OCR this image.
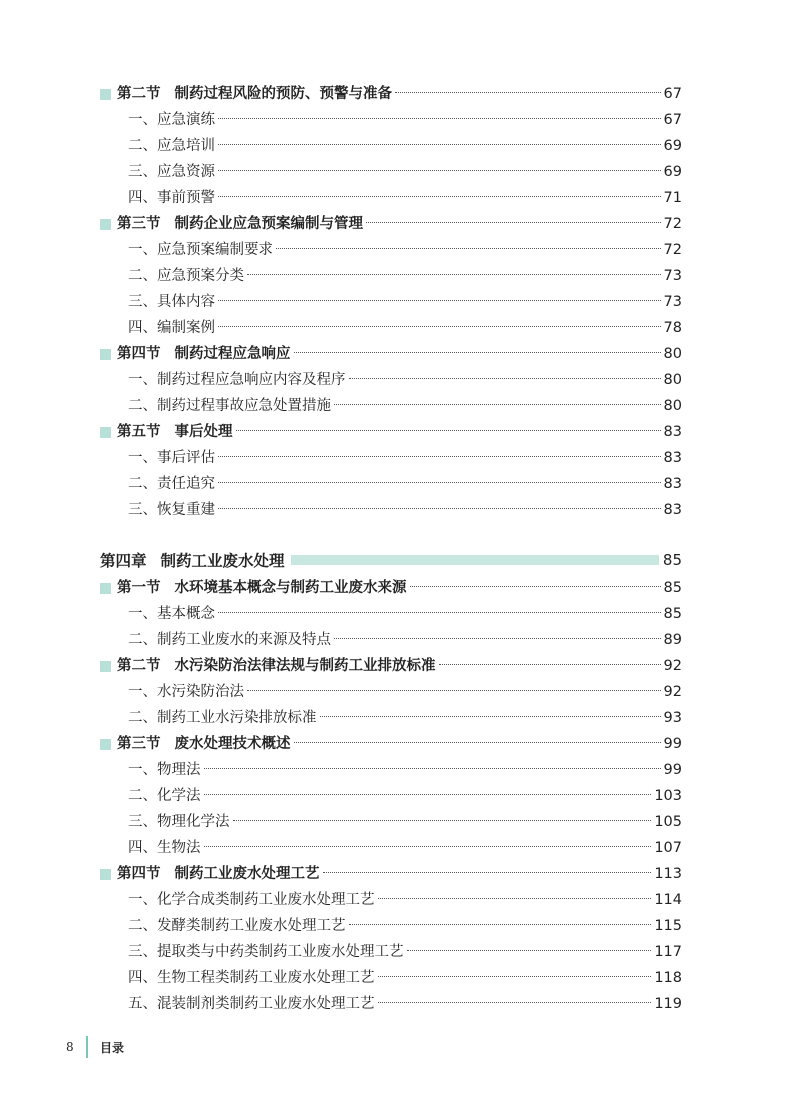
第二节 制药过程风险的预防、预警与准备	67
一、应急演练	67
二、应急培训	69
三、应急资源	69
四、事前预警	71
第三节 制药企业应急预案编制与管理	72
一、应急预案编制要求	72
二、应急预案分类	73
三、具体内容	73
四、编制案例	78
第四节 制药过程应急响应	80
一、制药过程应急响应内容及程序	80
二、制药过程事故应急处置措施	80
第五节 事后处理	83
一、事后评估	83
二、责任追究	83
三、恢复重建	83
第四章 制药工业废水处理	85
第一节 水环境基本概念与制药工业废水来源	85
一、基本概念	85
二、制药工业废水的来源及特点	89
第二节 水污染防治法律法规与制药工业排放标准	92
一、水污染防治法	92
二、制药工业水污染排放标准	93
第三节 废水处理技术概述	99
一、物理法	99
二、化学法	103
三、物理化学法	105
四、生物法	107
第四节 制药工业废水处理工艺	113
一、化学合成类制药工业废水处理工艺	114
二、发酵类制药工业废水处理工艺	115
三、提取类与中药类制药工业废水处理工艺	117
四、生物工程类制药工业废水处理工艺	118
五、混装制剂类制药工业废水处理工艺	119
8	目录
